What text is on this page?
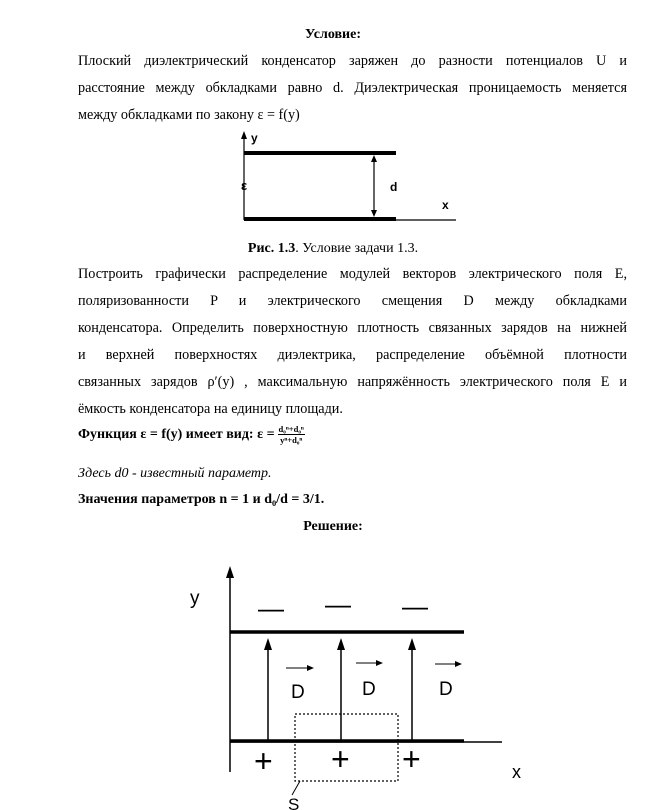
Условие:
Плоский диэлектрический конденсатор заряжен до разности потенциалов U и
расстояние между обкладками равно d. Диэлектрическая проницаемость меняется
между обкладками по закону ε = f(y)
y
x
ε	d
Рис. 1.3. Условие задачи 1.3.
Построить графически распределение модулей векторов электрического поля E,
поляризованности P и электрического смещения D между обкладками
конденсатора. Определить поверхностную плотность связанных зарядов на нижней
и верхней поверхностях диэлектрика, распределение объёмной плотности
связанных зарядов ρ′(y) , максимальную напряжённость электрического поля E и
ёмкость конденсатора на единицу площади.
Функция ε = f(y) имеет вид: $\varepsilon = \frac{\text{d₀ⁿ+d₀ⁿ}}{\text{yⁿ+d₀ⁿ}}$
Здесь d0 - известный параметр.
Значения параметров n = 1 и d₀/d = 3/1.
Решение:
— — —
D	D	D
+ + +
y
x
S
